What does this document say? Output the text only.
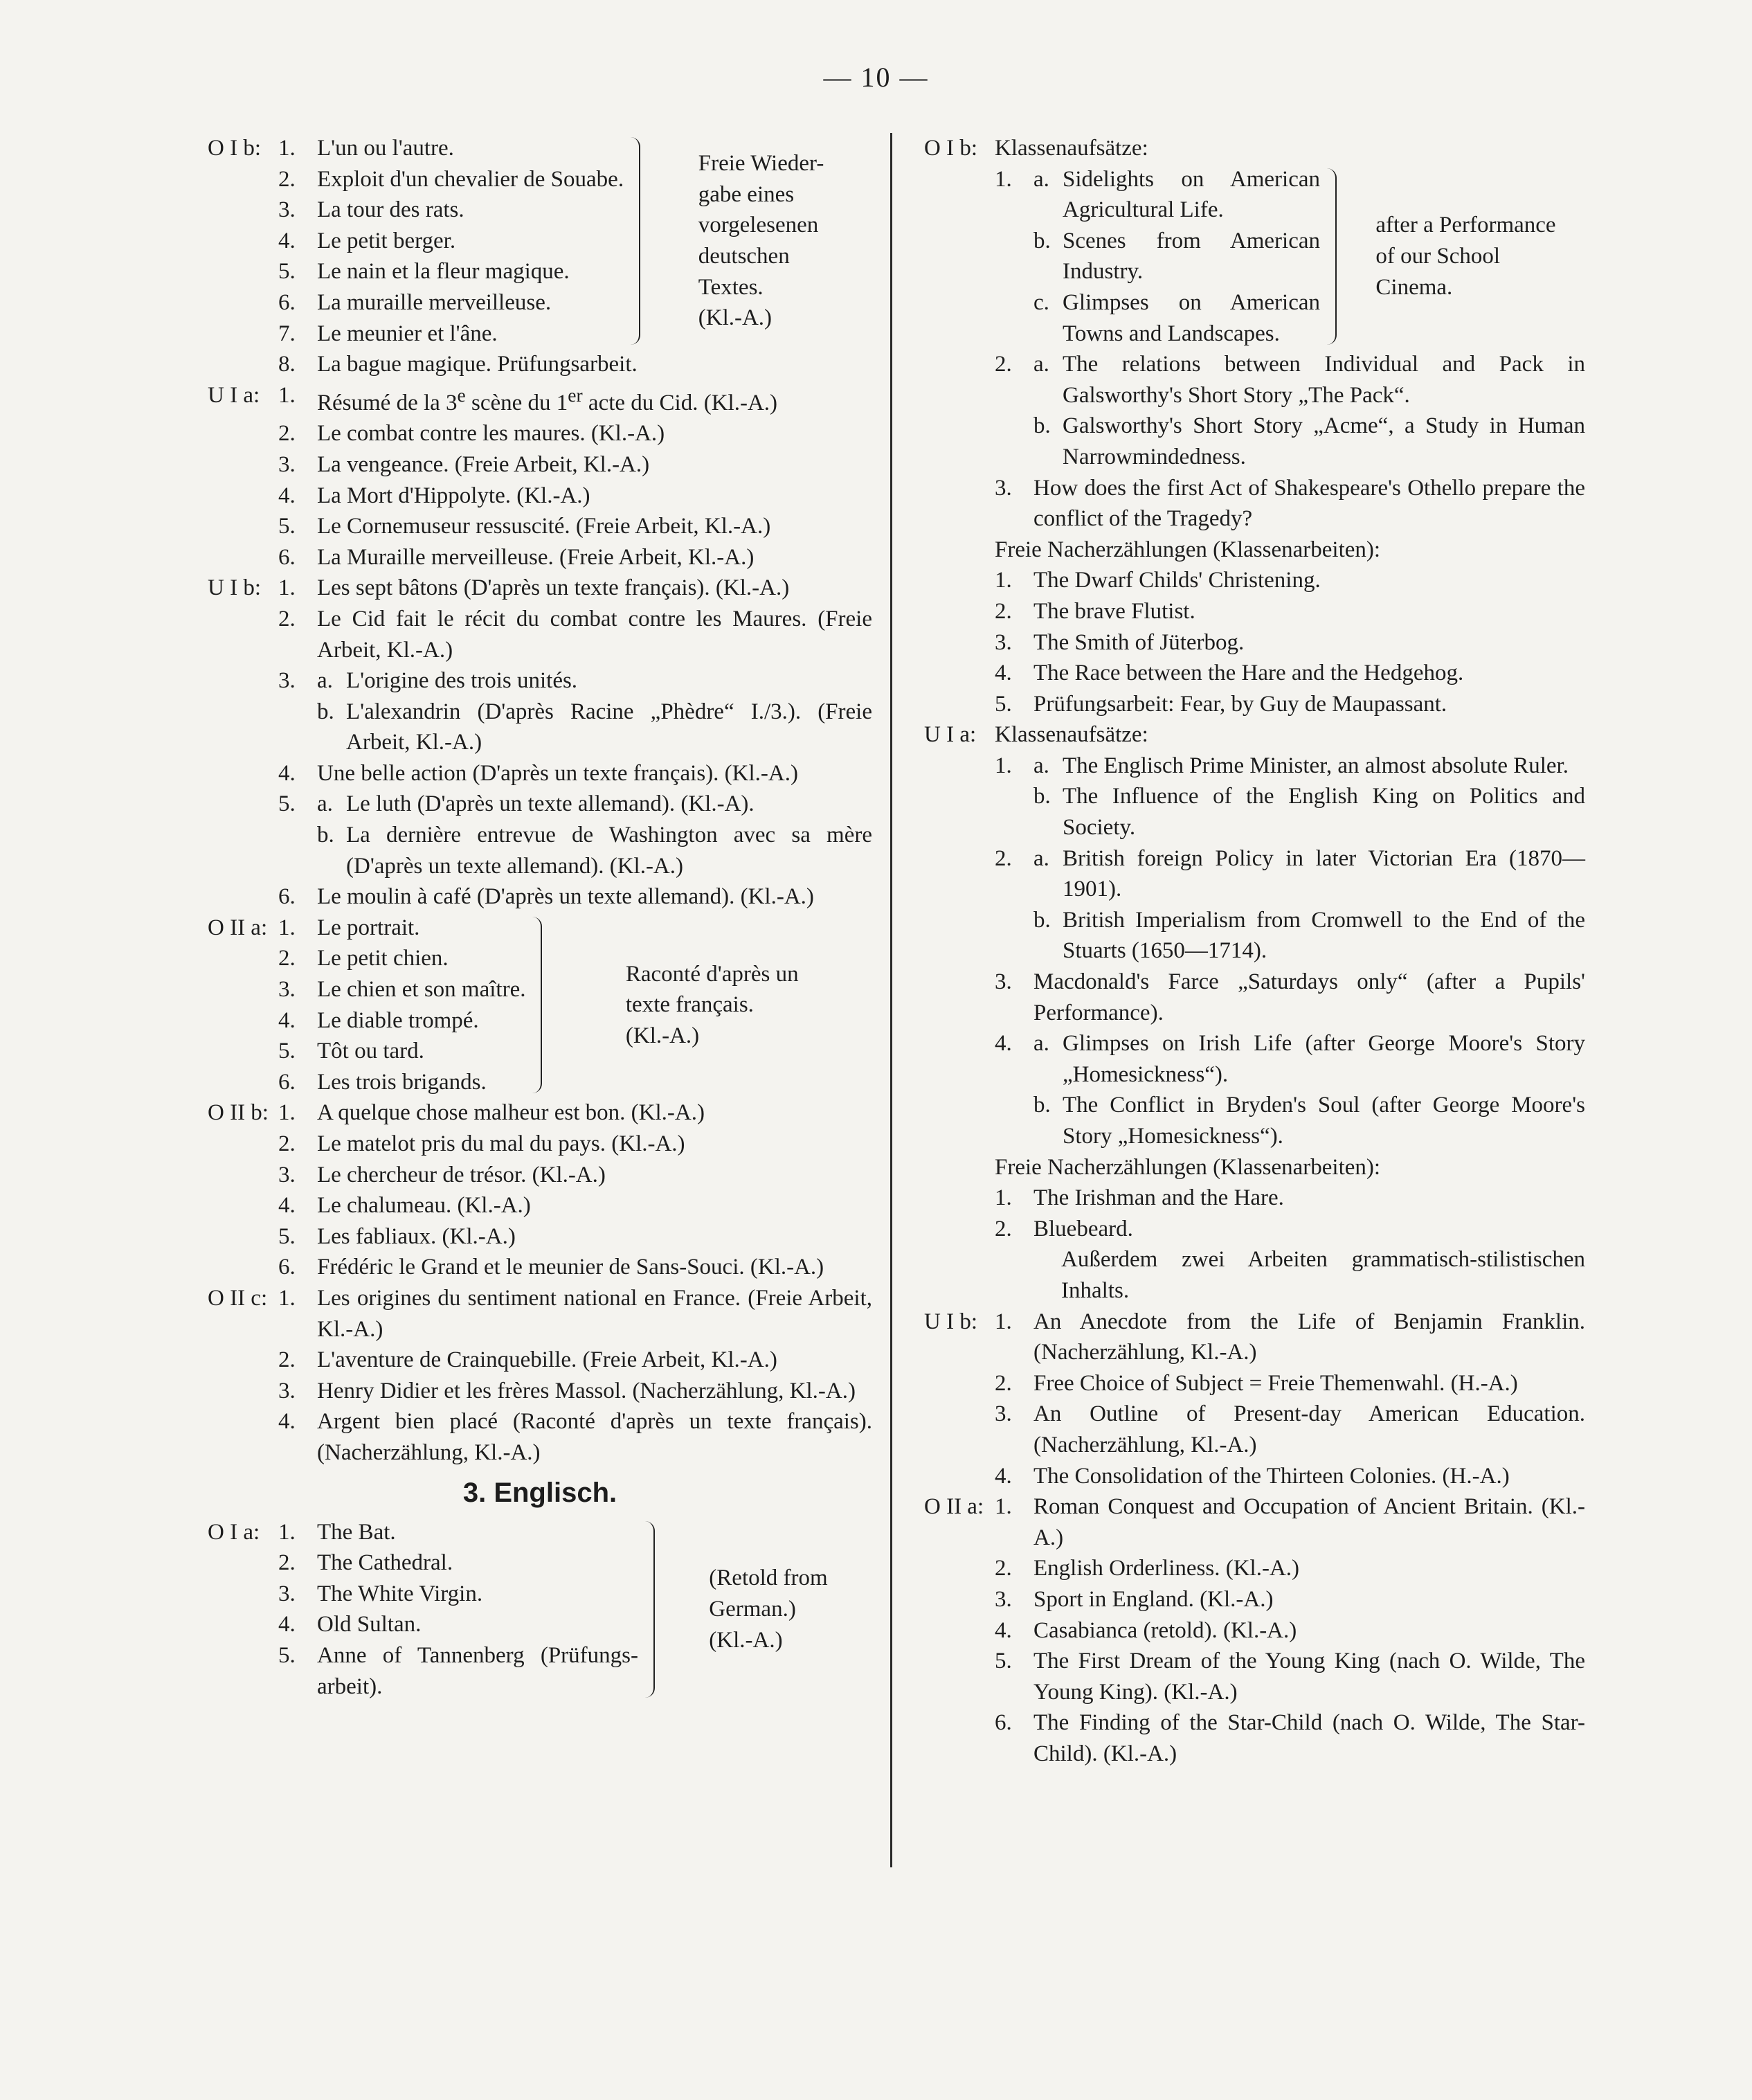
— 10 —
O I b: 1. L'un ou l'autre.
2. Exploit d'un chevalier de Souabe.
3. La tour des rats.
4. Le petit berger.
5. Le nain et la fleur magique.
6. La muraille merveilleuse.
7. Le meunier et l'âne.
Freie Wieder-
gabe eines
vorgelesenen
deutschen
Textes.
(Kl.-A.)
8. La bague magique. Prüfungsarbeit.
U I a: 1. Résumé de la 3e scène du 1er acte du Cid. (Kl.-A.)
2. Le combat contre les maures. (Kl.-A.)
3. La vengeance. (Freie Arbeit, Kl.-A.)
4. La Mort d'Hippolyte. (Kl.-A.)
5. Le Cornemuseur ressuscité. (Freie Arbeit, Kl.-A.)
6. La Muraille merveilleuse. (Freie Arbeit, Kl.-A.)
U I b: 1. Les sept bâtons (D'après un texte français). (Kl.-A.)
2. Le Cid fait le récit du combat contre les Maures. (Freie Arbeit, Kl.-A.)
3. a. L'origine des trois unités.
b. L'alexandrin (D'après Racine „Phèdre“ I./3.). (Freie Arbeit, Kl.-A.)
4. Une belle action (D'après un texte français). (Kl.-A.)
5. a. Le luth (D'après un texte allemand). (Kl.-A).
b. La dernière entrevue de Washington avec sa mère (D'après un texte allemand). (Kl.-A.)
6. Le moulin à café (D'après un texte allemand). (Kl.-A.)
O II a: 1. Le portrait.
2. Le petit chien.
3. Le chien et son maître.
4. Le diable trompé.
5. Tôt ou tard.
6. Les trois brigands.
Raconté d'après un
texte français.
(Kl.-A.)
O II b: 1. A quelque chose malheur est bon. (Kl.-A.)
2. Le matelot pris du mal du pays. (Kl.-A.)
3. Le chercheur de trésor. (Kl.-A.)
4. Le chalumeau. (Kl.-A.)
5. Les fabliaux. (Kl.-A.)
6. Frédéric le Grand et le meunier de Sans-Souci. (Kl.-A.)
O II c: 1. Les origines du sentiment national en France. (Freie Arbeit, Kl.-A.)
2. L'aventure de Crainquebille. (Freie Arbeit, Kl.-A.)
3. Henry Didier et les frères Massol. (Nacherzählung, Kl.-A.)
4. Argent bien placé (Raconté d'après un texte français). (Nacherzählung, Kl.-A.)
3. Englisch.
O I a: 1. The Bat.
2. The Cathedral.
3. The White Virgin.
4. Old Sultan.
5. Anne of Tannenberg (Prüfungs- arbeit).
(Retold from
German.)
(Kl.-A.)
O I b: Klassenaufsätze:
1. a. Sidelights on American Agricultural Life.
b. Scenes from American Industry.
c. Glimpses on American Towns and Landscapes.
after a Performance
of our School
Cinema.
2. a. The relations between Individual and Pack in Galsworthy's Short Story „The Pack“.
b. Galsworthy's Short Story „Acme“, a Study in Human Narrowmindedness.
3. How does the first Act of Shakespeare's Othello prepare the conflict of the Tragedy?
Freie Nacherzählungen (Klassenarbeiten):
1. The Dwarf Childs' Christening.
2. The brave Flutist.
3. The Smith of Jüterbog.
4. The Race between the Hare and the Hedgehog.
5. Prüfungsarbeit: Fear, by Guy de Maupassant.
U I a: Klassenaufsätze:
1. a. The Englisch Prime Minister, an almost absolute Ruler.
b. The Influence of the English King on Politics and Society.
2. a. British foreign Policy in later Victorian Era (1870—1901).
b. British Imperialism from Cromwell to the End of the Stuarts (1650—1714).
3. Macdonald's Farce „Saturdays only“ (after a Pupils' Performance).
4. a. Glimpses on Irish Life (after George Moore's Story „Homesickness“).
b. The Conflict in Bryden's Soul (after George Moore's Story „Homesickness“).
Freie Nacherzählungen (Klassenarbeiten):
1. The Irishman and the Hare.
2. Bluebeard.
Außerdem zwei Arbeiten grammatisch-stilistischen Inhalts.
U I b: 1. An Anecdote from the Life of Benjamin Franklin. (Nacherzählung, Kl.-A.)
2. Free Choice of Subject = Freie Themenwahl. (H.-A.)
3. An Outline of Present-day American Education. (Nacherzählung, Kl.-A.)
4. The Consolidation of the Thirteen Colonies. (H.-A.)
O II a: 1. Roman Conquest and Occupation of Ancient Britain. (Kl.-A.)
2. English Orderliness. (Kl.-A.)
3. Sport in England. (Kl.-A.)
4. Casabianca (retold). (Kl.-A.)
5. The First Dream of the Young King (nach O. Wilde, The Young King). (Kl.-A.)
6. The Finding of the Star-Child (nach O. Wilde, The Star-Child). (Kl.-A.)
